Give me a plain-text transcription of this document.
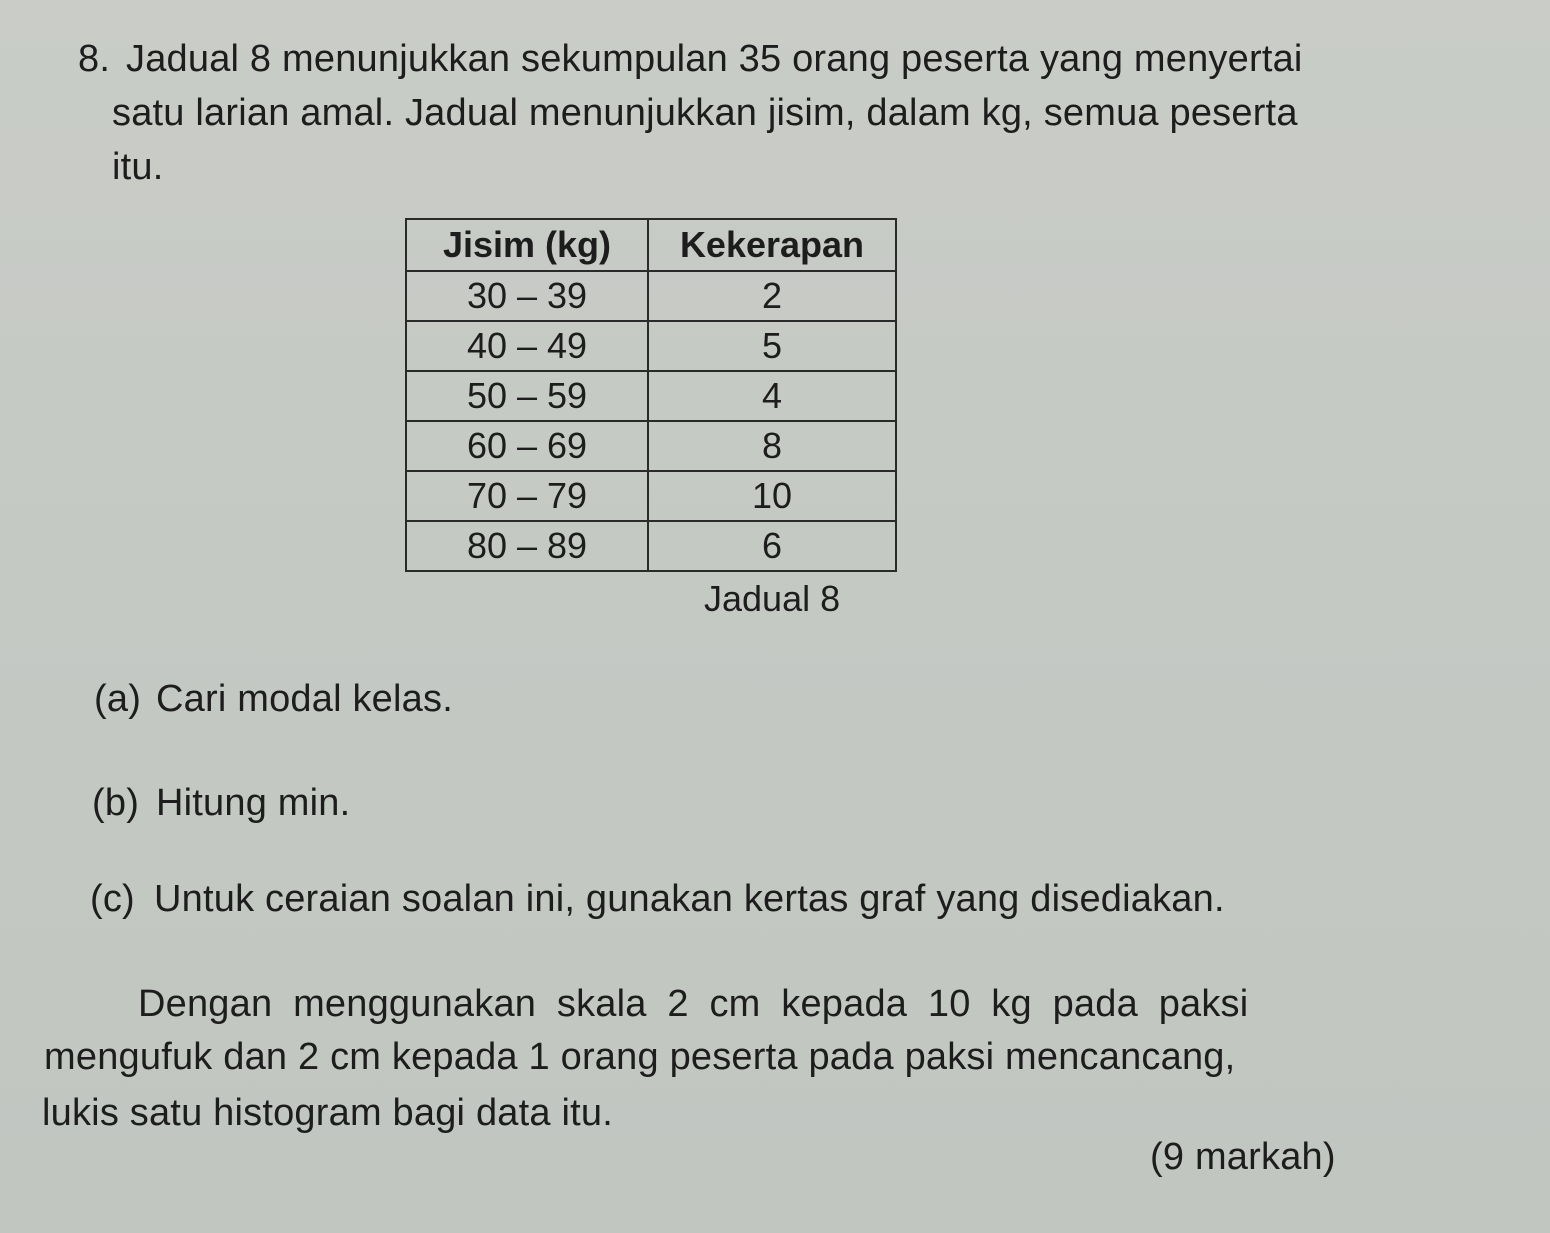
8. Jadual 8 menunjukkan sekumpulan 35 orang peserta yang menyertai
satu larian amal. Jadual menunjukkan jisim, dalam kg, semua peserta
itu.
Jisim (kg)	Kekerapan
30 – 39	2
40 – 49	5
50 – 59	4
60 – 69	8
70 – 79	10
80 – 89	6
Jadual 8
(a) Cari modal kelas.
(b) Hitung min.
(c) Untuk ceraian soalan ini, gunakan kertas graf yang disediakan.
Dengan menggunakan skala 2 cm kepada 10 kg pada paksi
mengufuk dan 2 cm kepada 1 orang peserta pada paksi mencancang,
lukis satu histogram bagi data itu.
(9 markah)
